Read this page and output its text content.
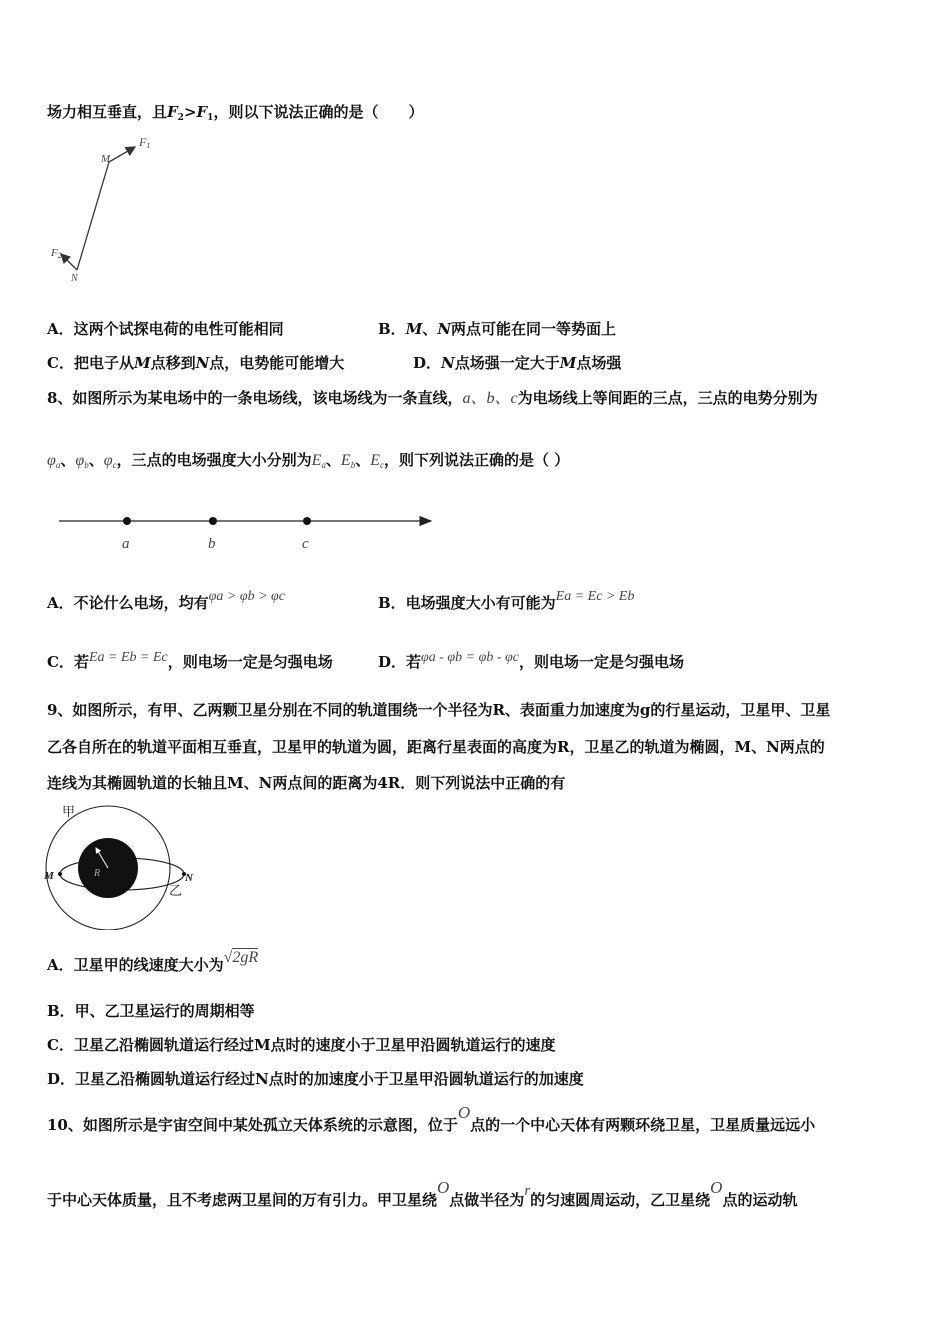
场力相互垂直，且$F_2>F_1$，则以下说法正确的是（　　）
F1
F2
M
N
A．这两个试探电荷的电性可能相同	B．M、N两点可能在同一等势面上
C．把电子从M点移到N点，电势能可能增大	D．N点场强一定大于M点场强
8、如图所示为某电场中的一条电场线，该电场线为一条直线，a、b、c为电场线上等间距的三点，三点的电势分别为
$\varphi_a$、$\varphi_b$、$\varphi_c$，三点的电场强度大小分别为$E_a$、$E_b$、$E_c$，则下列说法正确的是（ ）
a	b	c
A．不论什么电场，均有φa > φb > φc	B．电场强度大小有可能为Ea = Ec > Eb
C．若Ea = Eb = Ec，则电场一定是匀强电场	D．若φa - φb = φb - φc，则电场一定是匀强电场
9、如图所示，有甲、乙两颗卫星分别在不同的轨道围绕一个半径为R、表面重力加速度为g的行星运动，卫星甲、卫星
乙各自所在的轨道平面相互垂直，卫星甲的轨道为圆，距离行星表面的高度为R，卫星乙的轨道为椭圆，M、N两点的
连线为其椭圆轨道的长轴且M、N两点间的距离为4R．则下列说法中正确的有
R
M	N
甲
乙
A．卫星甲的线速度大小为√2gR
B．甲、乙卫星运行的周期相等
C．卫星乙沿椭圆轨道运行经过M点时的速度小于卫星甲沿圆轨道运行的速度
D．卫星乙沿椭圆轨道运行经过N点时的加速度小于卫星甲沿圆轨道运行的加速度
10、如图所示是宇宙空间中某处孤立天体系统的示意图，位于O点的一个中心天体有两颗环绕卫星，卫星质量远远小
于中心天体质量，且不考虑两卫星间的万有引力。甲卫星绕O点做半径为r的匀速圆周运动，乙卫星绕O点的运动轨
